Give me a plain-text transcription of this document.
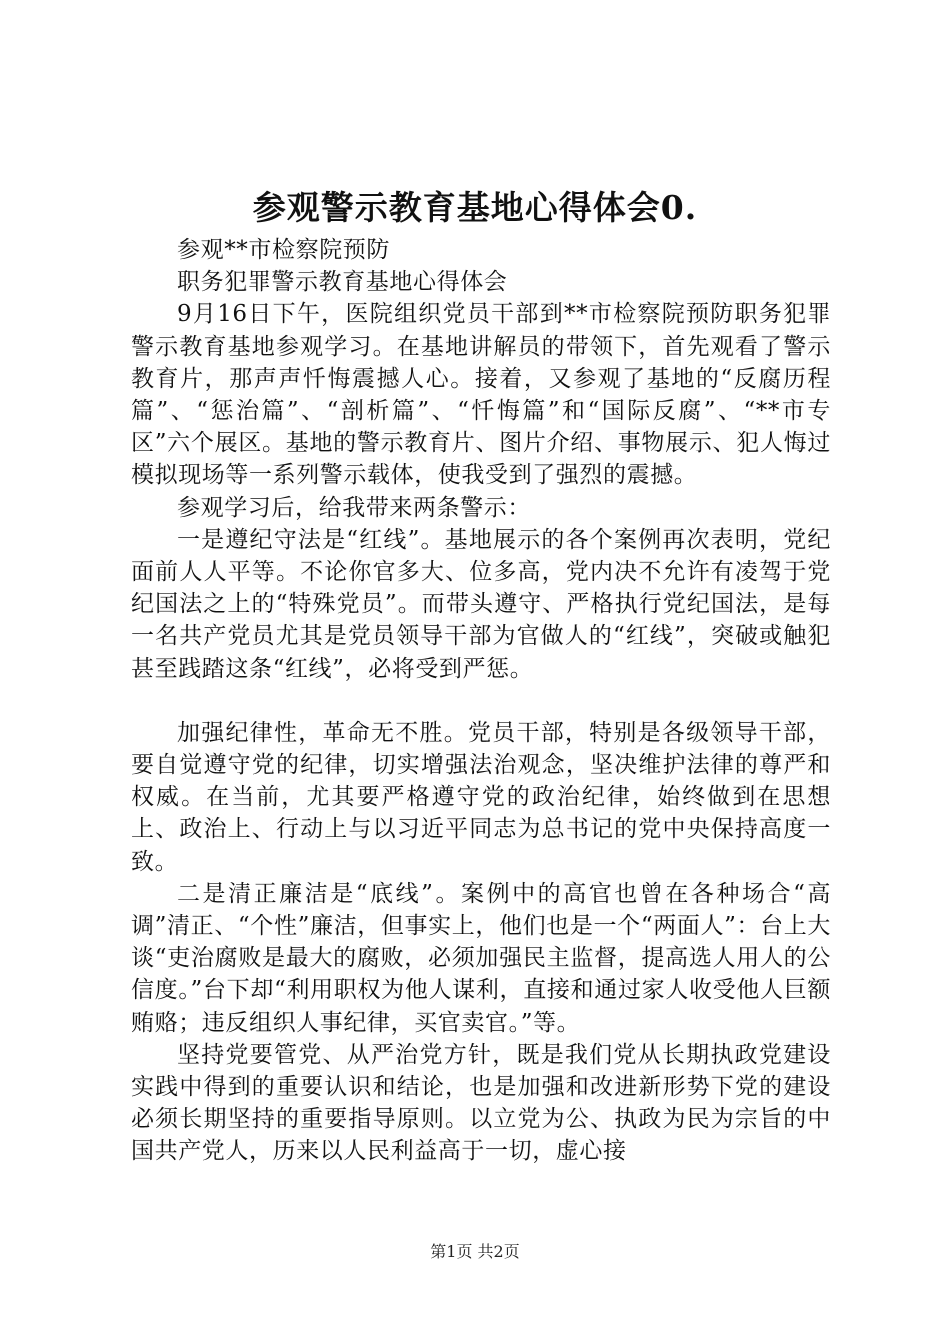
参观警示教育基地心得体会0.

参观**市检察院预防

职务犯罪警示教育基地心得体会

9月16日下午，医院组织党员干部到**市检察院预防职务犯罪警示教育基地参观学习。在基地讲解员的带领下，首先观看了警示教育片，那声声忏悔震撼人心。接着，又参观了基地的“反腐历程篇”、“惩治篇”、“剖析篇”、“忏悔篇”和“国际反腐”、“**市专区”六个展区。基地的警示教育片、图片介绍、事物展示、犯人悔过模拟现场等一系列警示载体，使我受到了强烈的震撼。

参观学习后，给我带来两条警示：

一是遵纪守法是“红线”。基地展示的各个案例再次表明，党纪面前人人平等。不论你官多大、位多高，党内决不允许有凌驾于党纪国法之上的“特殊党员”。而带头遵守、严格执行党纪国法，是每一名共产党员尤其是党员领导干部为官做人的“红线”，突破或触犯甚至践踏这条“红线”，必将受到严惩。

加强纪律性，革命无不胜。党员干部，特别是各级领导干部，要自觉遵守党的纪律，切实增强法治观念，坚决维护法律的尊严和权威。在当前，尤其要严格遵守党的政治纪律，始终做到在思想上、政治上、行动上与以习近平同志为总书记的党中央保持高度一致。

二是清正廉洁是“底线”。案例中的高官也曾在各种场合“高调”清正、“个性”廉洁，但事实上，他们也是一个“两面人”：台上大谈“吏治腐败是最大的腐败，必须加强民主监督，提高选人用人的公信度。”台下却“利用职权为他人谋利，直接和通过家人收受他人巨额贿赂；违反组织人事纪律，买官卖官。”等。

坚持党要管党、从严治党方针，既是我们党从长期执政党建设实践中得到的重要认识和结论，也是加强和改进新形势下党的建设必须长期坚持的重要指导原则。以立党为公、执政为民为宗旨的中国共产党人，历来以人民利益高于一切，虚心接

第1页 共2页
